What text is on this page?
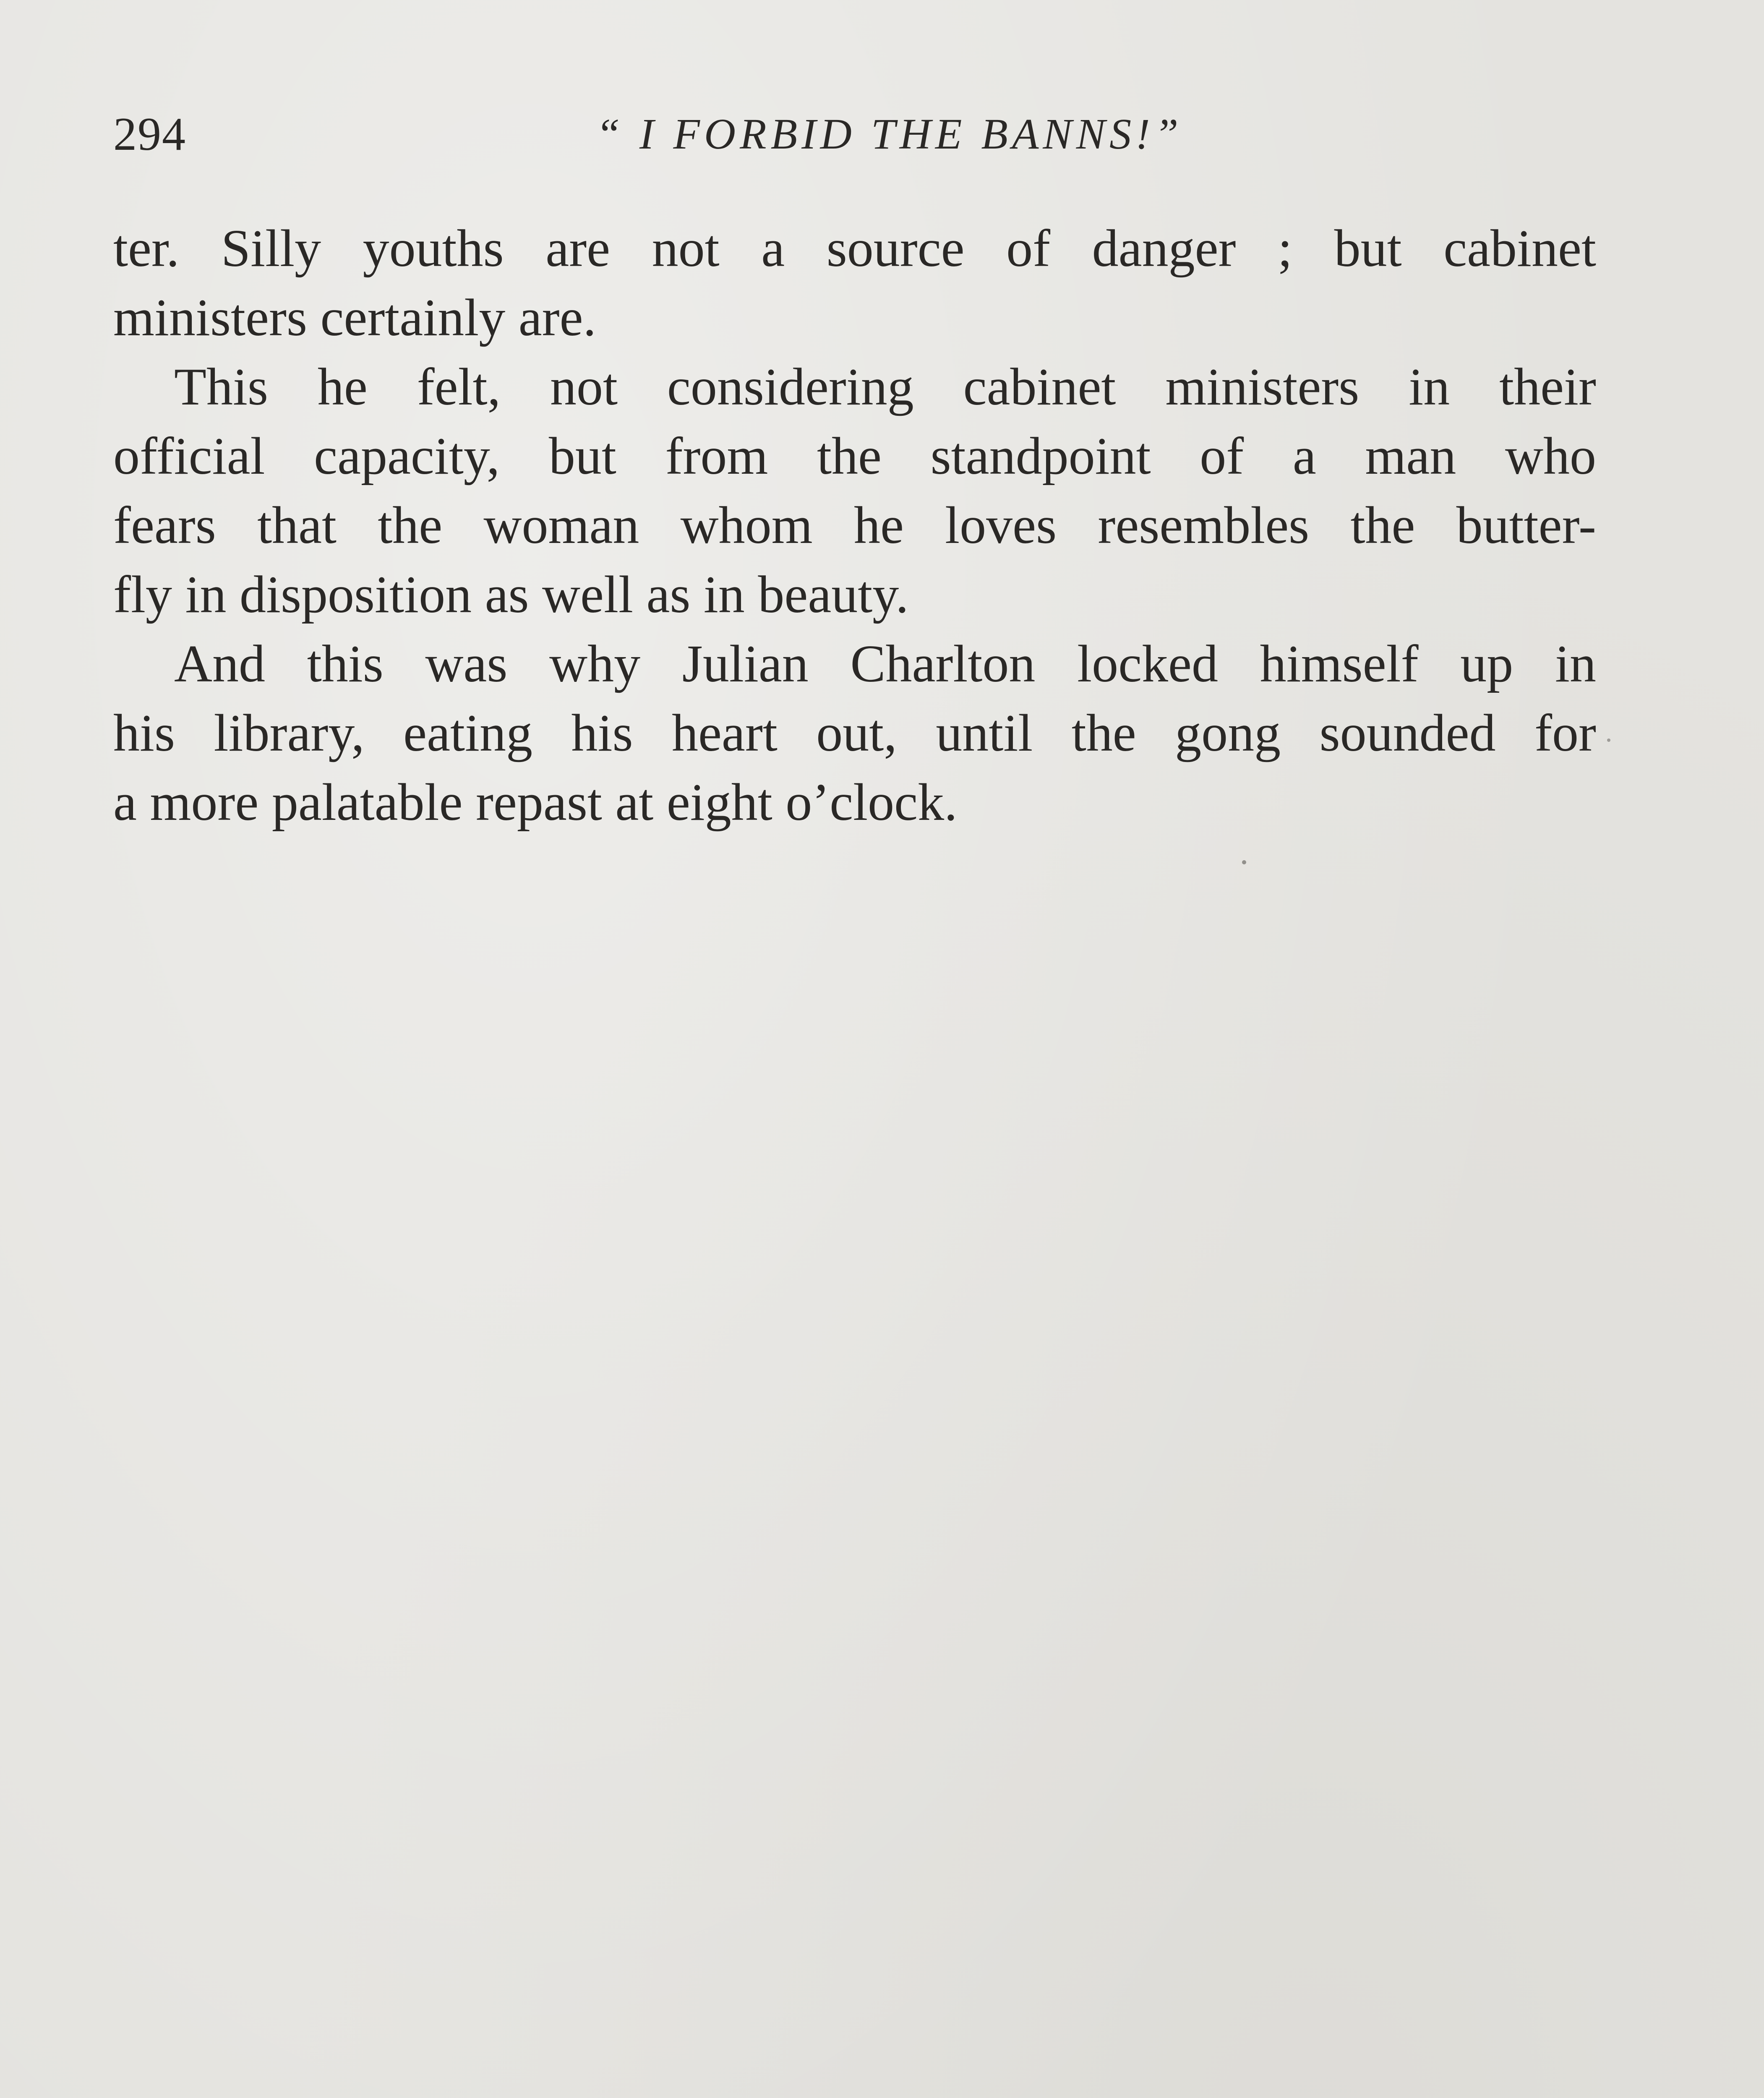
294	“ I FORBID THE BANNS!”
ter. Silly youths are not a source of danger ; but cabinet
ministers certainly are.
This he felt, not considering cabinet ministers in their
official capacity, but from the standpoint of a man who
fears that the woman whom he loves resembles the butter-
fly in disposition as well as in beauty.
And this was why Julian Charlton locked himself up in
his library, eating his heart out, until the gong sounded for
a more palatable repast at eight o’clock.
